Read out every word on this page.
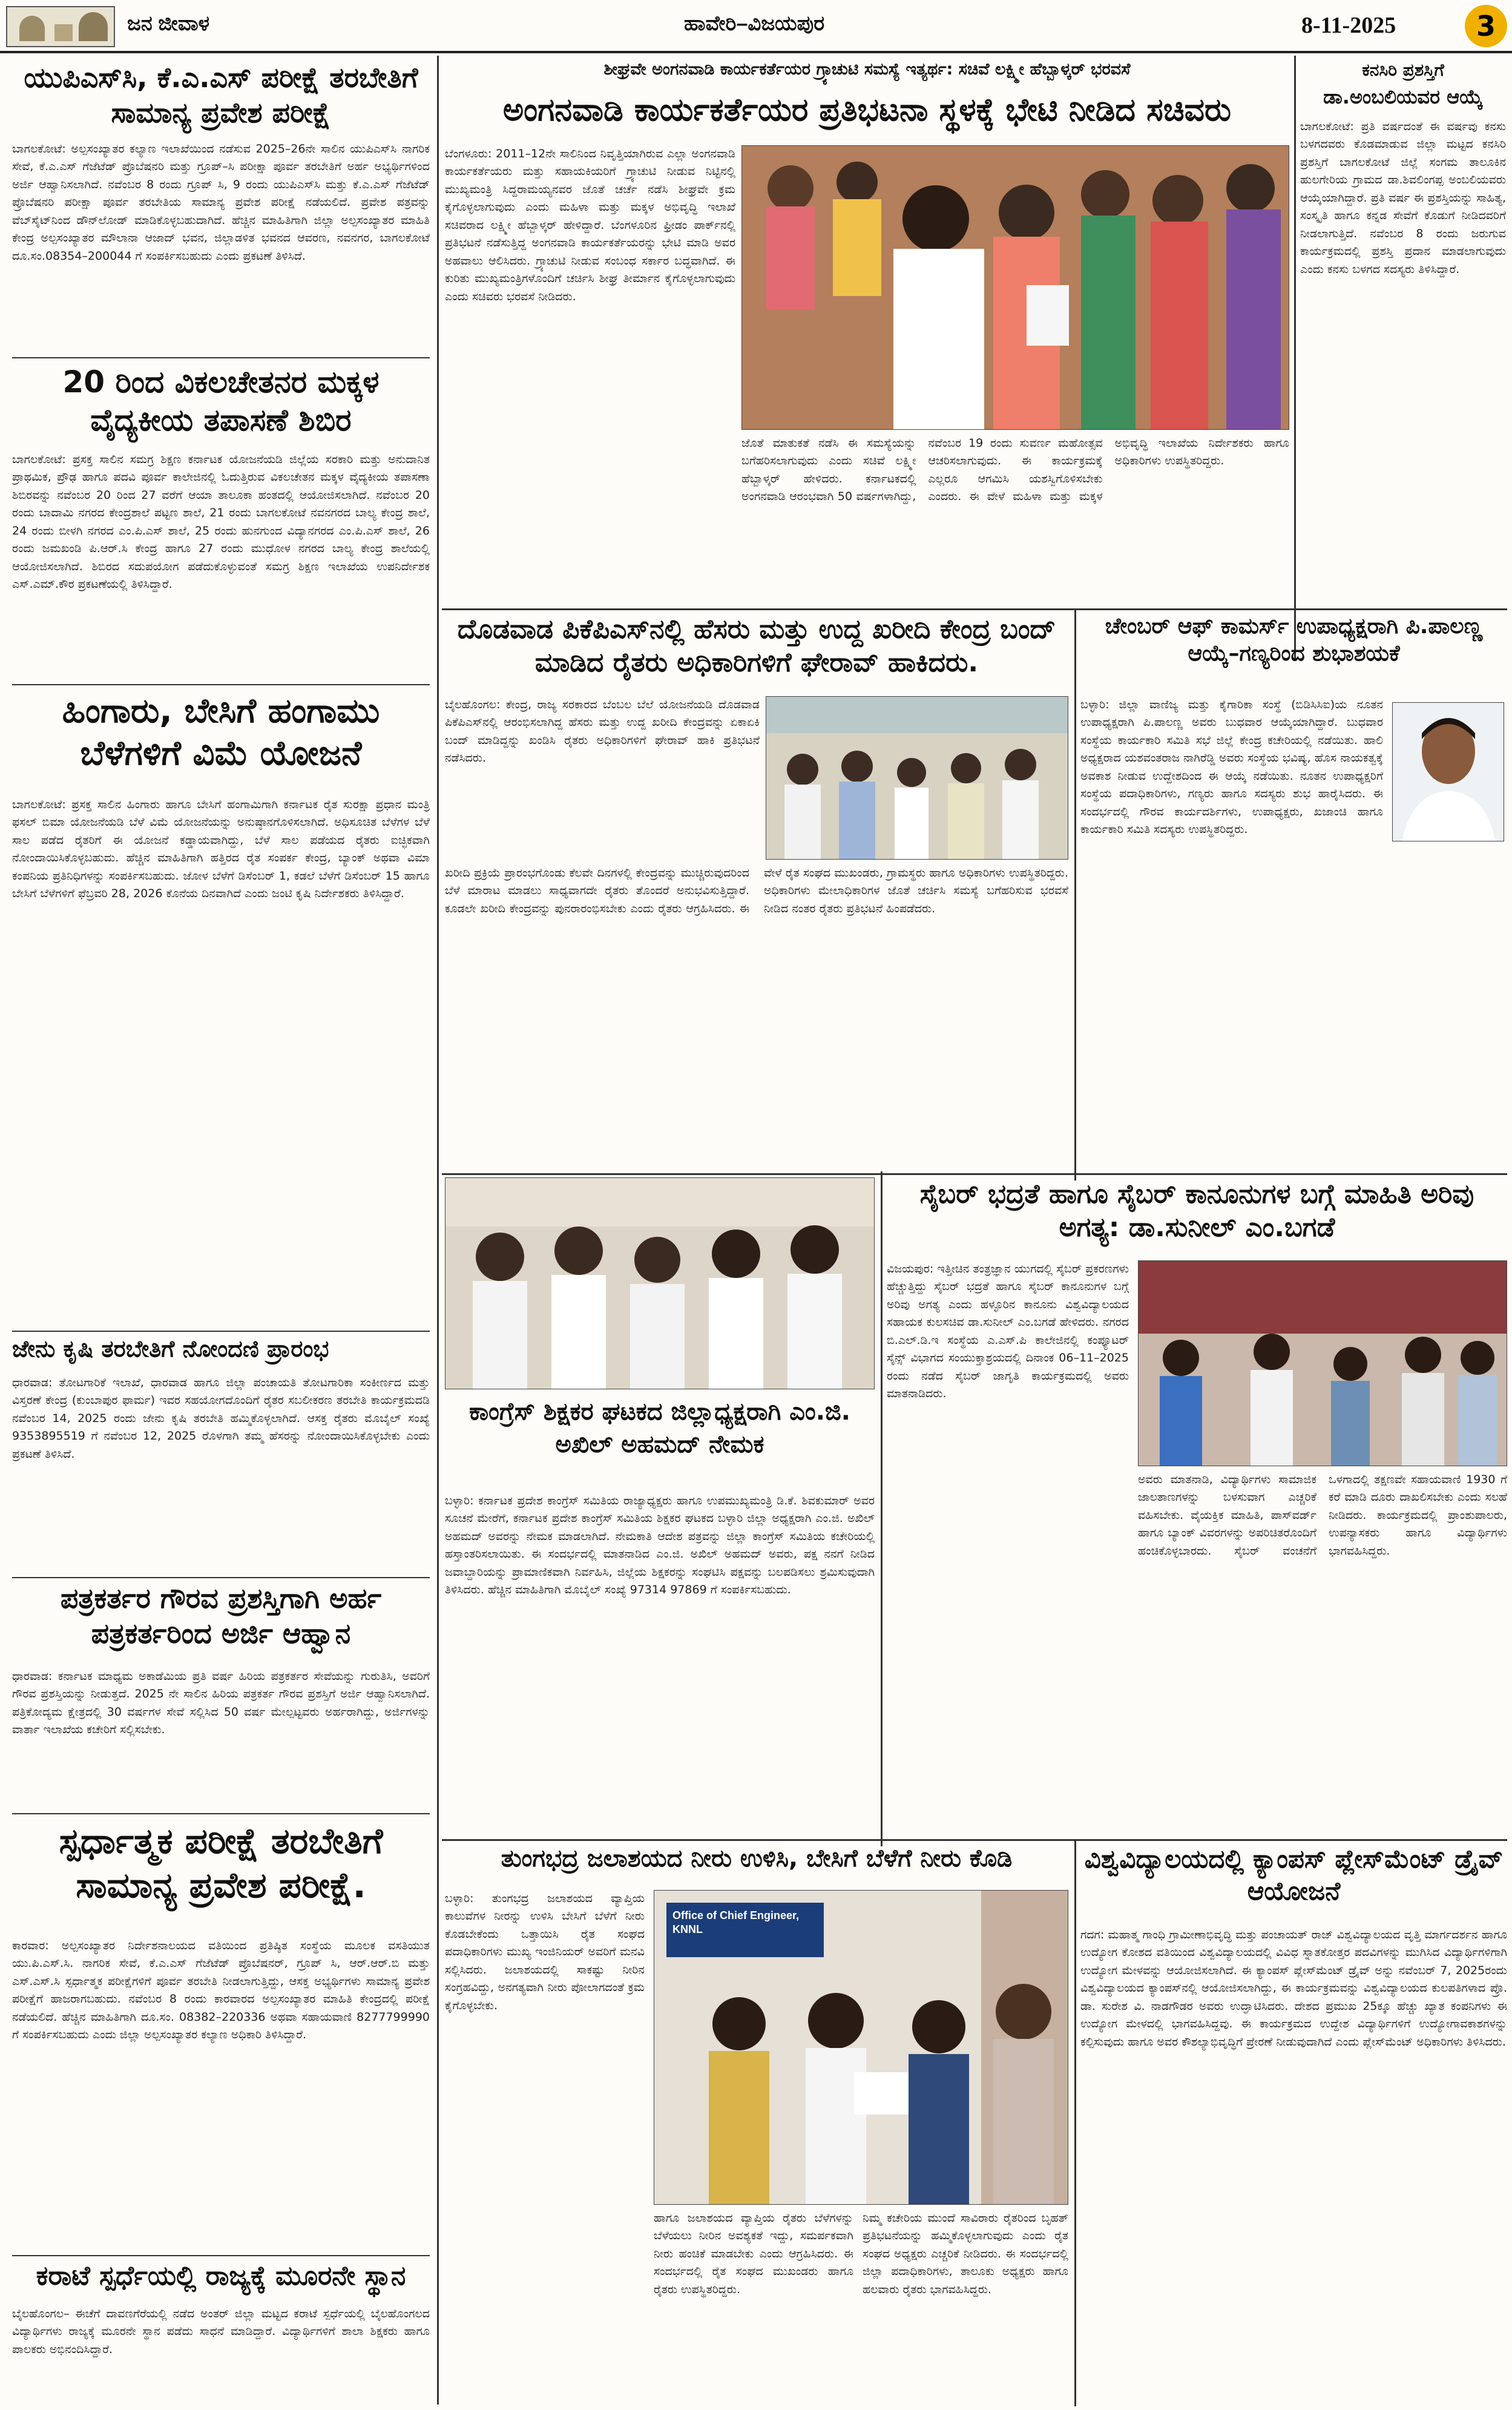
ಜನ ಜೀವಾಳ	ಹಾವೇರಿ–ವಿಜಯಪುರ	8-11-2025	3
ಯುಪಿಎಸ್‌ಸಿ, ಕೆ.ಎ.ಎಸ್ ಪರೀಕ್ಷೆ ತರಬೇತಿಗೆ ಸಾಮಾನ್ಯ ಪ್ರವೇಶ ಪರೀಕ್ಷೆ
ಬಾಗಲಕೋಟೆ: ಅಲ್ಪಸಂಖ್ಯಾತರ ಕಲ್ಯಾಣ ಇಲಾಖೆಯಿಂದ ನಡೆಸುವ 2025–26ನೇ ಸಾಲಿನ ಯುಪಿಎಸ್‌ಸಿ ನಾಗರಿಕ ಸೇವೆ, ಕೆ.ಎ.ಎಸ್ ಗೆಜೆಟೆಡ್ ಪ್ರೊಬೆಷನರಿ ಮತ್ತು ಗ್ರೂಪ್–ಸಿ ಪರೀಕ್ಷಾ ಪೂರ್ವ ತರಬೇತಿಗೆ ಅರ್ಹ ಅಭ್ಯರ್ಥಿಗಳಿಂದ ಅರ್ಜಿ ಆಹ್ವಾನಿಸಲಾಗಿದೆ. ನವೆಂಬರ 8 ರಂದು ಗ್ರೂಪ್ ಸಿ, 9 ರಂದು ಯುಪಿಎಸ್‌ಸಿ ಮತ್ತು ಕೆ.ಎ.ಎಸ್ ಗೆಜೆಟೆಡ್ ಪ್ರೊಬೆಷನರಿ ಪರೀಕ್ಷಾ ಪೂರ್ವ ತರಬೇತಿಯ ಸಾಮಾನ್ಯ ಪ್ರವೇಶ ಪರೀಕ್ಷೆ ನಡೆಯಲಿದೆ. ಪ್ರವೇಶ ಪತ್ರವನ್ನು ವೆಬ್‌ಸೈಟ್‌ನಿಂದ ಡೌನ್‌ಲೋಡ್ ಮಾಡಿಕೊಳ್ಳಬಹುದಾಗಿದೆ. ಹೆಚ್ಚಿನ ಮಾಹಿತಿಗಾಗಿ ಜಿಲ್ಲಾ ಅಲ್ಪಸಂಖ್ಯಾತರ ಮಾಹಿತಿ ಕೇಂದ್ರ ಅಲ್ಪಸಂಖ್ಯಾತರ ಮೌಲಾನಾ ಆಜಾದ್ ಭವನ, ಜಿಲ್ಲಾಡಳಿತ ಭವನದ ಆವರಣ, ನವನಗರ, ಬಾಗಲಕೋಟೆ ದೂ.ಸಂ.08354–200044 ಗೆ ಸಂಪರ್ಕಿಸಬಹುದು ಎಂದು ಪ್ರಕಟಣೆ ತಿಳಿಸಿದೆ.
20 ರಿಂದ ವಿಕಲಚೇತನರ ಮಕ್ಕಳ ವೈದ್ಯಕೀಯ ತಪಾಸಣೆ ಶಿಬಿರ
ಬಾಗಲಕೋಟೆ: ಪ್ರಸಕ್ತ ಸಾಲಿನ ಸಮಗ್ರ ಶಿಕ್ಷಣ ಕರ್ನಾಟಕ ಯೋಜನೆಯಡಿ ಜಿಲ್ಲೆಯ ಸರಕಾರಿ ಮತ್ತು ಅನುದಾನಿತ ಪ್ರಾಥಮಿಕ, ಪ್ರೌಢ ಹಾಗೂ ಪದವಿ ಪೂರ್ವ ಕಾಲೇಜಿನಲ್ಲಿ ಓದುತ್ತಿರುವ ವಿಕಲಚೇತನ ಮಕ್ಕಳ ವೈದ್ಯಕೀಯ ತಪಾಸಣಾ ಶಿಬಿರವನ್ನು ನವೆಂಬರ 20 ರಿಂದ 27 ವರೆಗೆ ಆಯಾ ತಾಲೂಕಾ ಹಂತದಲ್ಲಿ ಆಯೋಜಿಸಲಾಗಿದೆ. ನವೆಂಬರ 20 ರಂದು ಬಾದಾಮಿ ನಗರದ ಕೇಂದ್ರಶಾಲೆ ಪಟ್ಟಣ ಶಾಲೆ, 21 ರಂದು ಬಾಗಲಕೋಟೆ ನವನಗರದ ಬಾಲ್ಯ ಕೇಂದ್ರ ಶಾಲೆ, 24 ರಂದು ಬೀಳಗಿ ನಗರದ ಎಂ.ಪಿ.ಎಸ್ ಶಾಲೆ, 25 ರಂದು ಹುನಗುಂದ ವಿದ್ಯಾನಗರದ ಎಂ.ಪಿ.ಎಸ್ ಶಾಲೆ, 26 ರಂದು ಜಮಖಂಡಿ ಪಿ.ಆರ್.ಸಿ ಕೇಂದ್ರ ಹಾಗೂ 27 ರಂದು ಮುಧೋಳ ನಗರದ ಬಾಲ್ಯ ಕೇಂದ್ರ ಶಾಲೆಯಲ್ಲಿ ಆಯೋಜಿಸಲಾಗಿದೆ. ಶಿಬಿರದ ಸದುಪಯೋಗ ಪಡೆದುಕೊಳ್ಳುವಂತೆ ಸಮಗ್ರ ಶಿಕ್ಷಣ ಇಲಾಖೆಯ ಉಪನಿರ್ದೇಶಕ ಎಸ್.ಎಮ್.ಕೌರ ಪ್ರಕಟಣೆಯಲ್ಲಿ ತಿಳಿಸಿದ್ದಾರೆ.
ಹಿಂಗಾರು, ಬೇಸಿಗೆ ಹಂಗಾಮು ಬೆಳೆಗಳಿಗೆ ವಿಮೆ ಯೋಜನೆ
ಬಾಗಲಕೋಟೆ: ಪ್ರಸಕ್ತ ಸಾಲಿನ ಹಿಂಗಾರು ಹಾಗೂ ಬೇಸಿಗೆ ಹಂಗಾಮಿಗಾಗಿ ಕರ್ನಾಟಕ ರೈತ ಸುರಕ್ಷಾ ಪ್ರಧಾನ ಮಂತ್ರಿ ಫಸಲ್ ಬಿಮಾ ಯೋಜನೆಯಡಿ ಬೆಳೆ ವಿಮೆ ಯೋಜನೆಯನ್ನು ಅನುಷ್ಠಾನಗೊಳಿಸಲಾಗಿದೆ. ಅಧಿಸೂಚಿತ ಬೆಳೆಗಳ ಬೆಳೆ ಸಾಲ ಪಡೆದ ರೈತರಿಗೆ ಈ ಯೋಜನೆ ಕಡ್ಡಾಯವಾಗಿದ್ದು, ಬೆಳೆ ಸಾಲ ಪಡೆಯದ ರೈತರು ಐಚ್ಛಿಕವಾಗಿ ನೋಂದಾಯಿಸಿಕೊಳ್ಳಬಹುದು. ಹೆಚ್ಚಿನ ಮಾಹಿತಿಗಾಗಿ ಹತ್ತಿರದ ರೈತ ಸಂಪರ್ಕ ಕೇಂದ್ರ, ಬ್ಯಾಂಕ್ ಅಥವಾ ವಿಮಾ ಕಂಪನಿಯ ಪ್ರತಿನಿಧಿಗಳನ್ನು ಸಂಪರ್ಕಿಸಬಹುದು. ಜೋಳ ಬೆಳೆಗೆ ಡಿಸೆಂಬರ್ 1, ಕಡಲೆ ಬೆಳೆಗೆ ಡಿಸೆಂಬರ್ 15 ಹಾಗೂ ಬೇಸಿಗೆ ಬೆಳೆಗಳಿಗೆ ಫೆಬ್ರವರಿ 28, 2026 ಕೊನೆಯ ದಿನವಾಗಿದೆ ಎಂದು ಜಂಟಿ ಕೃಷಿ ನಿರ್ದೇಶಕರು ತಿಳಿಸಿದ್ದಾರೆ.
ಜೇನು ಕೃಷಿ ತರಬೇತಿಗೆ ನೋಂದಣಿ ಪ್ರಾರಂಭ
ಧಾರವಾಡ: ತೋಟಗಾರಿಕೆ ಇಲಾಖೆ, ಧಾರವಾಡ ಹಾಗೂ ಜಿಲ್ಲಾ ಪಂಚಾಯತಿ ತೋಟಗಾರಿಕಾ ಸಂಕೀರ್ಣದ ಮತ್ತು ವಿಸ್ತರಣೆ ಕೇಂದ್ರ (ಕುಂಬಾಪುರ ಫಾರ್ಮ) ಇವರ ಸಹಯೋಗದೊಂದಿಗೆ ರೈತರ ಸಬಲೀಕರಣ ತರಬೇತಿ ಕಾರ್ಯಕ್ರಮದಡಿ ನವೆಂಬರ 14, 2025 ರಂದು ಜೇನು ಕೃಷಿ ತರಬೇತಿ ಹಮ್ಮಿಕೊಳ್ಳಲಾಗಿದೆ. ಆಸಕ್ತ ರೈತರು ಮೊಬೈಲ್ ಸಂಖ್ಯೆ 9353895519 ಗೆ ನವೆಂಬರ 12, 2025 ರೊಳಗಾಗಿ ತಮ್ಮ ಹೆಸರನ್ನು ನೋಂದಾಯಿಸಿಕೊಳ್ಳಬೇಕು ಎಂದು ಪ್ರಕಟಣೆ ತಿಳಿಸಿದೆ.
ಪತ್ರಕರ್ತರ ಗೌರವ ಪ್ರಶಸ್ತಿಗಾಗಿ ಅರ್ಹ ಪತ್ರಕರ್ತರಿಂದ ಅರ್ಜಿ ಆಹ್ವಾನ
ಧಾರವಾಡ: ಕರ್ನಾಟಕ ಮಾಧ್ಯಮ ಅಕಾಡೆಮಿಯ ಪ್ರತಿ ವರ್ಷ ಹಿರಿಯ ಪತ್ರಕರ್ತರ ಸೇವೆಯನ್ನು ಗುರುತಿಸಿ, ಅವರಿಗೆ ಗೌರವ ಪ್ರಶಸ್ತಿಯನ್ನು ನೀಡುತ್ತದೆ. 2025 ನೇ ಸಾಲಿನ ಹಿರಿಯ ಪತ್ರಕರ್ತ ಗೌರವ ಪ್ರಶಸ್ತಿಗೆ ಅರ್ಜಿ ಆಹ್ವಾನಿಸಲಾಗಿದೆ. ಪತ್ರಿಕೋದ್ಯಮ ಕ್ಷೇತ್ರದಲ್ಲಿ 30 ವರ್ಷಗಳ ಸೇವೆ ಸಲ್ಲಿಸಿದ 50 ವರ್ಷ ಮೇಲ್ಪಟ್ಟವರು ಅರ್ಹರಾಗಿದ್ದು, ಅರ್ಜಿಗಳನ್ನು ವಾರ್ತಾ ಇಲಾಖೆಯ ಕಚೇರಿಗೆ ಸಲ್ಲಿಸಬೇಕು.
ಸ್ಪರ್ಧಾತ್ಮಕ ಪರೀಕ್ಷೆ ತರಬೇತಿಗೆ ಸಾಮಾನ್ಯ ಪ್ರವೇಶ ಪರೀಕ್ಷೆ.
ಕಾರವಾರ: ಅಲ್ಪಸಂಖ್ಯಾತರ ನಿರ್ದೇಶನಾಲಯದ ವತಿಯಿಂದ ಪ್ರತಿಷ್ಠಿತ ಸಂಸ್ಥೆಯ ಮೂಲಕ ವಸತಿಯುತ ಯು.ಪಿ.ಎಸ್.ಸಿ. ನಾಗರಿಕ ಸೇವೆ, ಕೆ.ಎ.ಎಸ್ ಗೆಜೆಟೆಡ್ ಪ್ರೊಬೆಷನರ್, ಗ್ರೂಪ್ ಸಿ, ಆರ್.ಆರ್.ಬಿ ಮತ್ತು ಎಸ್.ಎಸ್.ಸಿ ಸ್ಪರ್ಧಾತ್ಮಕ ಪರೀಕ್ಷೆಗಳಿಗೆ ಪೂರ್ವ ತರಬೇತಿ ನೀಡಲಾಗುತ್ತಿದ್ದು, ಆಸಕ್ತ ಅಭ್ಯರ್ಥಿಗಳು ಸಾಮಾನ್ಯ ಪ್ರವೇಶ ಪರೀಕ್ಷೆಗೆ ಹಾಜರಾಗಬಹುದು. ನವೆಂಬರ 8 ರಂದು ಕಾರವಾರದ ಅಲ್ಪಸಂಖ್ಯಾತರ ಮಾಹಿತಿ ಕೇಂದ್ರದಲ್ಲಿ ಪರೀಕ್ಷೆ ನಡೆಯಲಿದೆ. ಹೆಚ್ಚಿನ ಮಾಹಿತಿಗಾಗಿ ದೂ.ಸಂ. 08382–220336 ಅಥವಾ ಸಹಾಯವಾಣಿ 8277799990 ಗೆ ಸಂಪರ್ಕಿಸಬಹುದು ಎಂದು ಜಿಲ್ಲಾ ಅಲ್ಪಸಂಖ್ಯಾತರ ಕಲ್ಯಾಣ ಅಧಿಕಾರಿ ತಿಳಿಸಿದ್ದಾರೆ.
ಕರಾಟೆ ಸ್ಪರ್ಧೆಯಲ್ಲಿ ರಾಜ್ಯಕ್ಕೆ ಮೂರನೇ ಸ್ಥಾನ
ಬೈಲಹೊಂಗಲ– ಈಚೆಗೆ ದಾವಣಗೆರೆಯಲ್ಲಿ ನಡೆದ ಅಂತರ್ ಜಿಲ್ಲಾ ಮಟ್ಟದ ಕರಾಟೆ ಸ್ಪರ್ಧೆಯಲ್ಲಿ ಬೈಲಹೊಂಗಲದ ವಿದ್ಯಾರ್ಥಿಗಳು ರಾಜ್ಯಕ್ಕೆ ಮೂರನೇ ಸ್ಥಾನ ಪಡೆದು ಸಾಧನೆ ಮಾಡಿದ್ದಾರೆ. ವಿದ್ಯಾರ್ಥಿಗಳಿಗೆ ಶಾಲಾ ಶಿಕ್ಷಕರು ಹಾಗೂ ಪಾಲಕರು ಅಭಿನಂದಿಸಿದ್ದಾರೆ.
ಶೀಘ್ರವೇ ಅಂಗನವಾಡಿ ಕಾರ್ಯಕರ್ತೆಯರ ಗ್ರ್ಯಾಚುಟಿ ಸಮಸ್ಯೆ ಇತ್ಯರ್ಥ: ಸಚಿವೆ ಲಕ್ಷ್ಮೀ ಹೆಬ್ಬಾಳ್ಕರ್ ಭರವಸೆ
ಅಂಗನವಾಡಿ ಕಾರ್ಯಕರ್ತೆಯರ ಪ್ರತಿಭಟನಾ ಸ್ಥಳಕ್ಕೆ ಭೇಟಿ ನೀಡಿದ ಸಚಿವರು
ಬೆಂಗಳೂರು: 2011–12ನೇ ಸಾಲಿನಿಂದ ನಿವೃತ್ತಿಯಾಗಿರುವ ಎಲ್ಲಾ ಅಂಗನವಾಡಿ ಕಾರ್ಯಕರ್ತೆಯರು ಮತ್ತು ಸಹಾಯಕಿಯರಿಗೆ ಗ್ರ್ಯಾಚುಟಿ ನೀಡುವ ನಿಟ್ಟಿನಲ್ಲಿ ಮುಖ್ಯಮಂತ್ರಿ ಸಿದ್ದರಾಮಯ್ಯನವರ ಜೊತೆ ಚರ್ಚೆ ನಡೆಸಿ ಶೀಘ್ರವೇ ಕ್ರಮ ಕೈಗೊಳ್ಳಲಾಗುವುದು ಎಂದು ಮಹಿಳಾ ಮತ್ತು ಮಕ್ಕಳ ಅಭಿವೃದ್ಧಿ ಇಲಾಖೆ ಸಚಿವರಾದ ಲಕ್ಷ್ಮೀ ಹೆಬ್ಬಾಳ್ಕರ್ ಹೇಳಿದ್ದಾರೆ. ಬೆಂಗಳೂರಿನ ಫ್ರೀಡಂ ಪಾರ್ಕ್‌ನಲ್ಲಿ ಪ್ರತಿಭಟನೆ ನಡೆಸುತ್ತಿದ್ದ ಅಂಗನವಾಡಿ ಕಾರ್ಯಕರ್ತೆಯರನ್ನು ಭೇಟಿ ಮಾಡಿ ಅವರ ಅಹವಾಲು ಆಲಿಸಿದರು. ಗ್ರ್ಯಾಚುಟಿ ನೀಡುವ ಸಂಬಂಧ ಸರ್ಕಾರ ಬದ್ಧವಾಗಿದೆ. ಈ ಕುರಿತು ಮುಖ್ಯಮಂತ್ರಿಗಳೊಂದಿಗೆ ಚರ್ಚಿಸಿ ಶೀಘ್ರ ತೀರ್ಮಾನ ಕೈಗೊಳ್ಳಲಾಗುವುದು ಎಂದು ಸಚಿವರು ಭರವಸೆ ನೀಡಿದರು.
ಜೊತೆ ಮಾತುಕತೆ ನಡೆಸಿ ಈ ಸಮಸ್ಯೆಯನ್ನು ಬಗೆಹರಿಸಲಾಗುವುದು ಎಂದು ಸಚಿವೆ ಲಕ್ಷ್ಮೀ ಹೆಬ್ಬಾಳ್ಕರ್ ಹೇಳಿದರು. ಕರ್ನಾಟಕದಲ್ಲಿ ಅಂಗನವಾಡಿ ಆರಂಭವಾಗಿ 50 ವರ್ಷಗಳಾಗಿದ್ದು, ನವೆಂಬರ 19 ರಂದು ಸುವರ್ಣ ಮಹೋತ್ಸವ ಆಚರಿಸಲಾಗುವುದು. ಈ ಕಾರ್ಯಕ್ರಮಕ್ಕೆ ಎಲ್ಲರೂ ಆಗಮಿಸಿ ಯಶಸ್ವಿಗೊಳಿಸಬೇಕು ಎಂದರು. ಈ ವೇಳೆ ಮಹಿಳಾ ಮತ್ತು ಮಕ್ಕಳ ಅಭಿವೃದ್ಧಿ ಇಲಾಖೆಯ ನಿರ್ದೇಶಕರು ಹಾಗೂ ಅಧಿಕಾರಿಗಳು ಉಪಸ್ಥಿತರಿದ್ದರು.
ಕನಸಿರಿ ಪ್ರಶಸ್ತಿಗೆ
ಡಾ.ಅಂಬಲಿಯವರ ಆಯ್ಕೆ
ಬಾಗಲಕೋಟೆ: ಪ್ರತಿ ವರ್ಷದಂತೆ ಈ ವರ್ಷವು ಕನಸು ಬಳಗದವರು ಕೊಡಮಾಡುವ ಜಿಲ್ಲಾ ಮಟ್ಟದ ಕನಸಿರಿ ಪ್ರಶಸ್ತಿಗೆ ಬಾಗಲಕೋಟೆ ಜಿಲ್ಲೆ ಸಂಗಮ ತಾಲೂಕಿನ ಹುಲಗೇರಿಯ ಗ್ರಾಮದ ಡಾ.ಶಿವಲಿಂಗಪ್ಪ ಅಂಬಲಿಯವರು ಆಯ್ಕೆಯಾಗಿದ್ದಾರೆ. ಪ್ರತಿ ವರ್ಷ ಈ ಪ್ರಶಸ್ತಿಯನ್ನು ಸಾಹಿತ್ಯ, ಸಂಸ್ಕೃತಿ ಹಾಗೂ ಕನ್ನಡ ಸೇವೆಗೆ ಕೊಡುಗೆ ನೀಡಿದವರಿಗೆ ನೀಡಲಾಗುತ್ತಿದೆ. ನವೆಂಬರ 8 ರಂದು ಜರುಗುವ ಕಾರ್ಯಕ್ರಮದಲ್ಲಿ ಪ್ರಶಸ್ತಿ ಪ್ರದಾನ ಮಾಡಲಾಗುವುದು ಎಂದು ಕನಸು ಬಳಗದ ಸದಸ್ಯರು ತಿಳಿಸಿದ್ದಾರೆ.
ದೊಡವಾಡ ಪಿಕೆಪಿಎಸ್‌ನಲ್ಲಿ ಹೆಸರು ಮತ್ತು ಉದ್ದ ಖರೀದಿ ಕೇಂದ್ರ ಬಂದ್ ಮಾಡಿದ ರೈತರು ಅಧಿಕಾರಿಗಳಿಗೆ ಘೇರಾವ್ ಹಾಕಿದರು.
ಬೈಲಹೊಂಗಲ: ಕೇಂದ್ರ, ರಾಜ್ಯ ಸರಕಾರದ ಬೆಂಬಲ ಬೆಲೆ ಯೋಜನೆಯಡಿ ದೊಡವಾಡ ಪಿಕೆಪಿಎಸ್‌ನಲ್ಲಿ ಆರಂಭಿಸಲಾಗಿದ್ದ ಹೆಸರು ಮತ್ತು ಉದ್ದ ಖರೀದಿ ಕೇಂದ್ರವನ್ನು ಏಕಾಏಕಿ ಬಂದ್ ಮಾಡಿದ್ದನ್ನು ಖಂಡಿಸಿ ರೈತರು ಅಧಿಕಾರಿಗಳಿಗೆ ಘೇರಾವ್ ಹಾಕಿ ಪ್ರತಿಭಟನೆ ನಡೆಸಿದರು.
ಖರೀದಿ ಪ್ರಕ್ರಿಯೆ ಪ್ರಾರಂಭಗೊಂಡು ಕೆಲವೇ ದಿನಗಳಲ್ಲಿ ಕೇಂದ್ರವನ್ನು ಮುಚ್ಚಿರುವುದರಿಂದ ಬೆಳೆ ಮಾರಾಟ ಮಾಡಲು ಸಾಧ್ಯವಾಗದೇ ರೈತರು ತೊಂದರೆ ಅನುಭವಿಸುತ್ತಿದ್ದಾರೆ. ಕೂಡಲೇ ಖರೀದಿ ಕೇಂದ್ರವನ್ನು ಪುನರಾರಂಭಿಸಬೇಕು ಎಂದು ರೈತರು ಆಗ್ರಹಿಸಿದರು. ಈ ವೇಳೆ ರೈತ ಸಂಘದ ಮುಖಂಡರು, ಗ್ರಾಮಸ್ಥರು ಹಾಗೂ ಅಧಿಕಾರಿಗಳು ಉಪಸ್ಥಿತರಿದ್ದರು. ಅಧಿಕಾರಿಗಳು ಮೇಲಾಧಿಕಾರಿಗಳ ಜೊತೆ ಚರ್ಚಿಸಿ ಸಮಸ್ಯೆ ಬಗೆಹರಿಸುವ ಭರವಸೆ ನೀಡಿದ ನಂತರ ರೈತರು ಪ್ರತಿಭಟನೆ ಹಿಂಪಡೆದರು.
ಚೇಂಬರ್ ಆಫ್ ಕಾಮರ್ಸ್ ಉಪಾಧ್ಯಕ್ಷರಾಗಿ ಪಿ.ಪಾಲಣ್ಣ ಆಯ್ಕೆ–ಗಣ್ಯರಿಂದ ಶುಭಾಶಯಕೆ
ಬಳ್ಳಾರಿ: ಜಿಲ್ಲಾ ವಾಣಿಜ್ಯ ಮತ್ತು ಕೈಗಾರಿಕಾ ಸಂಸ್ಥೆ (ಬಿಡಿಸಿಸಿಐ)ಯ ನೂತನ ಉಪಾಧ್ಯಕ್ಷರಾಗಿ ಪಿ.ಪಾಲಣ್ಣ ಅವರು ಬುಧವಾರ ಆಯ್ಕೆಯಾಗಿದ್ದಾರೆ. ಬುಧವಾರ ಸಂಸ್ಥೆಯ ಕಾರ್ಯಕಾರಿ ಸಮಿತಿ ಸಭೆ ಜಿಲ್ಲೆ ಕೇಂದ್ರ ಕಚೇರಿಯಲ್ಲಿ ನಡೆಯಿತು. ಹಾಲಿ ಅಧ್ಯಕ್ಷರಾದ ಯಶವಂತರಾಜ ನಾಗಿರೆಡ್ಡಿ ಅವರು ಸಂಸ್ಥೆಯ ಭವಿಷ್ಯ, ಹೊಸ ನಾಯಕತ್ವಕ್ಕೆ ಅವಕಾಶ ನೀಡುವ ಉದ್ದೇಶದಿಂದ ಈ ಆಯ್ಕೆ ನಡೆಯಿತು. ನೂತನ ಉಪಾಧ್ಯಕ್ಷರಿಗೆ ಸಂಸ್ಥೆಯ ಪದಾಧಿಕಾರಿಗಳು, ಗಣ್ಯರು ಹಾಗೂ ಸದಸ್ಯರು ಶುಭ ಹಾರೈಸಿದರು. ಈ ಸಂದರ್ಭದಲ್ಲಿ ಗೌರವ ಕಾರ್ಯದರ್ಶಿಗಳು, ಉಪಾಧ್ಯಕ್ಷರು, ಖಜಾಂಚಿ ಹಾಗೂ ಕಾರ್ಯಕಾರಿ ಸಮಿತಿ ಸದಸ್ಯರು ಉಪಸ್ಥಿತರಿದ್ದರು.
ಕಾಂಗ್ರೆಸ್ ಶಿಕ್ಷಕರ ಘಟಕದ ಜಿಲ್ಲಾಧ್ಯಕ್ಷರಾಗಿ ಎಂ.ಜಿ. ಅಖಿಲ್ ಅಹಮದ್ ನೇಮಕ
ಬಳ್ಳಾರಿ: ಕರ್ನಾಟಕ ಪ್ರದೇಶ ಕಾಂಗ್ರೆಸ್ ಸಮಿತಿಯ ರಾಜ್ಯಾಧ್ಯಕ್ಷರು ಹಾಗೂ ಉಪಮುಖ್ಯಮಂತ್ರಿ ಡಿ.ಕೆ. ಶಿವಕುಮಾರ್ ಅವರ ಸೂಚನೆ ಮೇರೆಗೆ, ಕರ್ನಾಟಕ ಪ್ರದೇಶ ಕಾಂಗ್ರೆಸ್ ಸಮಿತಿಯ ಶಿಕ್ಷಕರ ಘಟಕದ ಬಳ್ಳಾರಿ ಜಿಲ್ಲಾ ಅಧ್ಯಕ್ಷರಾಗಿ ಎಂ.ಜಿ. ಅಖಿಲ್ ಅಹಮದ್ ಅವರನ್ನು ನೇಮಕ ಮಾಡಲಾಗಿದೆ. ನೇಮಕಾತಿ ಆದೇಶ ಪತ್ರವನ್ನು ಜಿಲ್ಲಾ ಕಾಂಗ್ರೆಸ್ ಸಮಿತಿಯ ಕಚೇರಿಯಲ್ಲಿ ಹಸ್ತಾಂತರಿಸಲಾಯಿತು. ಈ ಸಂದರ್ಭದಲ್ಲಿ ಮಾತನಾಡಿದ ಎಂ.ಜಿ. ಅಖಿಲ್ ಅಹಮದ್ ಅವರು, ಪಕ್ಷ ನನಗೆ ನೀಡಿದ ಜವಾಬ್ದಾರಿಯನ್ನು ಪ್ರಾಮಾಣಿಕವಾಗಿ ನಿರ್ವಹಿಸಿ, ಜಿಲ್ಲೆಯ ಶಿಕ್ಷಕರನ್ನು ಸಂಘಟಿಸಿ ಪಕ್ಷವನ್ನು ಬಲಪಡಿಸಲು ಶ್ರಮಿಸುವುದಾಗಿ ತಿಳಿಸಿದರು. ಹೆಚ್ಚಿನ ಮಾಹಿತಿಗಾಗಿ ಮೊಬೈಲ್ ಸಂಖ್ಯೆ 97314 97869 ಗೆ ಸಂಪರ್ಕಿಸಬಹುದು.
ಸೈಬರ್ ಭದ್ರತೆ ಹಾಗೂ ಸೈಬರ್ ಕಾನೂನುಗಳ ಬಗ್ಗೆ ಮಾಹಿತಿ ಅರಿವು ಅಗತ್ಯ: ಡಾ.ಸುನೀಲ್ ಎಂ.ಬಗಡೆ
ವಿಜಯಪುರ: ಇತ್ತೀಚಿನ ತಂತ್ರಜ್ಞಾನ ಯುಗದಲ್ಲಿ ಸೈಬರ್ ಪ್ರಕರಣಗಳು ಹೆಚ್ಚುತ್ತಿದ್ದು ಸೈಬರ್ ಭದ್ರತೆ ಹಾಗೂ ಸೈಬರ್ ಕಾನೂನುಗಳ ಬಗ್ಗೆ ಅರಿವು ಅಗತ್ಯ ಎಂದು ಹಳ್ಳೂರಿನ ಕಾನೂನು ವಿಶ್ವವಿದ್ಯಾಲಯದ ಸಹಾಯಕ ಕುಲಸಚಿವ ಡಾ.ಸುನೀಲ್ ಎಂ.ಬಗಡೆ ಹೇಳಿದರು. ನಗರದ ಬಿ.ಎಲ್.ಡಿ.ಇ ಸಂಸ್ಥೆಯ ಎ.ಎಸ್.ಪಿ ಕಾಲೇಜಿನಲ್ಲಿ ಕಂಪ್ಯೂಟರ್ ಸೈನ್ಸ್ ವಿಭಾಗದ ಸಂಯುಕ್ತಾಶ್ರಯದಲ್ಲಿ ದಿನಾಂಕ 06–11–2025 ರಂದು ನಡೆದ ಸೈಬರ್ ಜಾಗೃತಿ ಕಾರ್ಯಕ್ರಮದಲ್ಲಿ ಅವರು ಮಾತನಾಡಿದರು.
ಅವರು ಮಾತನಾಡಿ, ವಿದ್ಯಾರ್ಥಿಗಳು ಸಾಮಾಜಿಕ ಜಾಲತಾಣಗಳನ್ನು ಬಳಸುವಾಗ ಎಚ್ಚರಿಕೆ ವಹಿಸಬೇಕು. ವೈಯಕ್ತಿಕ ಮಾಹಿತಿ, ಪಾಸ್‌ವರ್ಡ್ ಹಾಗೂ ಬ್ಯಾಂಕ್ ವಿವರಗಳನ್ನು ಅಪರಿಚಿತರೊಂದಿಗೆ ಹಂಚಿಕೊಳ್ಳಬಾರದು. ಸೈಬರ್ ವಂಚನೆಗೆ ಒಳಗಾದಲ್ಲಿ ತಕ್ಷಣವೇ ಸಹಾಯವಾಣಿ 1930 ಗೆ ಕರೆ ಮಾಡಿ ದೂರು ದಾಖಲಿಸಬೇಕು ಎಂದು ಸಲಹೆ ನೀಡಿದರು. ಕಾರ್ಯಕ್ರಮದಲ್ಲಿ ಪ್ರಾಂಶುಪಾಲರು, ಉಪನ್ಯಾಸಕರು ಹಾಗೂ ವಿದ್ಯಾರ್ಥಿಗಳು ಭಾಗವಹಿಸಿದ್ದರು.
ತುಂಗಭದ್ರ ಜಲಾಶಯದ ನೀರು ಉಳಿಸಿ, ಬೇಸಿಗೆ ಬೆಳೆಗೆ ನೀರು ಕೊಡಿ
ಬಳ್ಳಾರಿ: ತುಂಗಭದ್ರ ಜಲಾಶಯದ ವ್ಯಾಪ್ತಿಯ ಕಾಲುವೆಗಳ ನೀರನ್ನು ಉಳಿಸಿ ಬೇಸಿಗೆ ಬೆಳೆಗೆ ನೀರು ಕೊಡಬೇಕೆಂದು ಒತ್ತಾಯಿಸಿ ರೈತ ಸಂಘದ ಪದಾಧಿಕಾರಿಗಳು ಮುಖ್ಯ ಇಂಜಿನಿಯರ್ ಅವರಿಗೆ ಮನವಿ ಸಲ್ಲಿಸಿದರು. ಜಲಾಶಯದಲ್ಲಿ ಸಾಕಷ್ಟು ನೀರಿನ ಸಂಗ್ರಹವಿದ್ದು, ಅನಗತ್ಯವಾಗಿ ನೀರು ಪೋಲಾಗದಂತೆ ಕ್ರಮ ಕೈಗೊಳ್ಳಬೇಕು.
Office of Chief Engineer, KNNL
ಹಾಗೂ ಜಲಾಶಯದ ವ್ಯಾಪ್ತಿಯ ರೈತರು ಬೆಳೆಗಳನ್ನು ಬೆಳೆಯಲು ನೀರಿನ ಅವಶ್ಯಕತೆ ಇದ್ದು, ಸಮರ್ಪಕವಾಗಿ ನೀರು ಹಂಚಿಕೆ ಮಾಡಬೇಕು ಎಂದು ಆಗ್ರಹಿಸಿದರು. ಈ ಸಂದರ್ಭದಲ್ಲಿ ರೈತ ಸಂಘದ ಮುಖಂಡರು ಹಾಗೂ ರೈತರು ಉಪಸ್ಥಿತರಿದ್ದರು.
ನಿಮ್ಮ ಕಚೇರಿಯ ಮುಂದೆ ಸಾವಿರಾರು ರೈತರಿಂದ ಬೃಹತ್ ಪ್ರತಿಭಟನೆಯನ್ನು ಹಮ್ಮಿಕೊಳ್ಳಲಾಗುವುದು ಎಂದು ರೈತ ಸಂಘದ ಅಧ್ಯಕ್ಷರು ಎಚ್ಚರಿಕೆ ನೀಡಿದರು. ಈ ಸಂದರ್ಭದಲ್ಲಿ ಜಿಲ್ಲಾ ಪದಾಧಿಕಾರಿಗಳು, ತಾಲೂಕು ಅಧ್ಯಕ್ಷರು ಹಾಗೂ ಹಲವಾರು ರೈತರು ಭಾಗವಹಿಸಿದ್ದರು.
ವಿಶ್ವವಿದ್ಯಾಲಯದಲ್ಲಿ ಕ್ಯಾಂಪಸ್ ಪ್ಲೇಸ್‌ಮೆಂಟ್ ಡ್ರೈವ್ ಆಯೋಜನೆ
ಗದಗ: ಮಹಾತ್ಮ ಗಾಂಧಿ ಗ್ರಾಮೀಣಾಭಿವೃದ್ಧಿ ಮತ್ತು ಪಂಚಾಯತ್ ರಾಜ್ ವಿಶ್ವವಿದ್ಯಾಲಯದ ವೃತ್ತಿ ಮಾರ್ಗದರ್ಶನ ಹಾಗೂ ಉದ್ಯೋಗ ಕೋಶದ ವತಿಯಿಂದ ವಿಶ್ವವಿದ್ಯಾಲಯದಲ್ಲಿ ವಿವಿಧ ಸ್ನಾತಕೋತ್ತರ ಪದವಿಗಳನ್ನು ಮುಗಿಸಿದ ವಿದ್ಯಾರ್ಥಿಗಳಿಗಾಗಿ ಉದ್ಯೋಗ ಮೇಳವನ್ನು ಆಯೋಜಿಸಲಾಗಿದೆ. ಈ ಕ್ಯಾಂಪಸ್ ಪ್ಲೇಸ್‌ಮೆಂಟ್ ಡ್ರೈವ್ ಅನ್ನು ನವೆಂಬರ್ 7, 2025ರಂದು ವಿಶ್ವವಿದ್ಯಾಲಯದ ಕ್ಯಾಂಪಸ್‌ನಲ್ಲಿ ಆಯೋಜಿಸಲಾಗಿದ್ದು, ಈ ಕಾರ್ಯಕ್ರಮವನ್ನು ವಿಶ್ವವಿದ್ಯಾಲಯದ ಕುಲಪತಿಗಳಾದ ಪ್ರೊ. ಡಾ. ಸುರೇಶ ವಿ. ನಾಡಗೌಡರ ಅವರು ಉದ್ಘಾಟಿಸಿದರು. ದೇಶದ ಪ್ರಮುಖ 25ಕ್ಕೂ ಹೆಚ್ಚು ಖ್ಯಾತ ಕಂಪನಿಗಳು ಈ ಉದ್ಯೋಗ ಮೇಳದಲ್ಲಿ ಭಾಗವಹಿಸಿದ್ದವು. ಈ ಕಾರ್ಯಕ್ರಮದ ಉದ್ದೇಶ ವಿದ್ಯಾರ್ಥಿಗಳಿಗೆ ಉದ್ಯೋಗಾವಕಾಶಗಳನ್ನು ಕಲ್ಪಿಸುವುದು ಹಾಗೂ ಅವರ ಕೌಶಲ್ಯಾಭಿವೃದ್ಧಿಗೆ ಪ್ರೇರಣೆ ನೀಡುವುದಾಗಿದೆ ಎಂದು ಪ್ಲೇಸ್‌ಮೆಂಟ್ ಅಧಿಕಾರಿಗಳು ತಿಳಿಸಿದರು.
